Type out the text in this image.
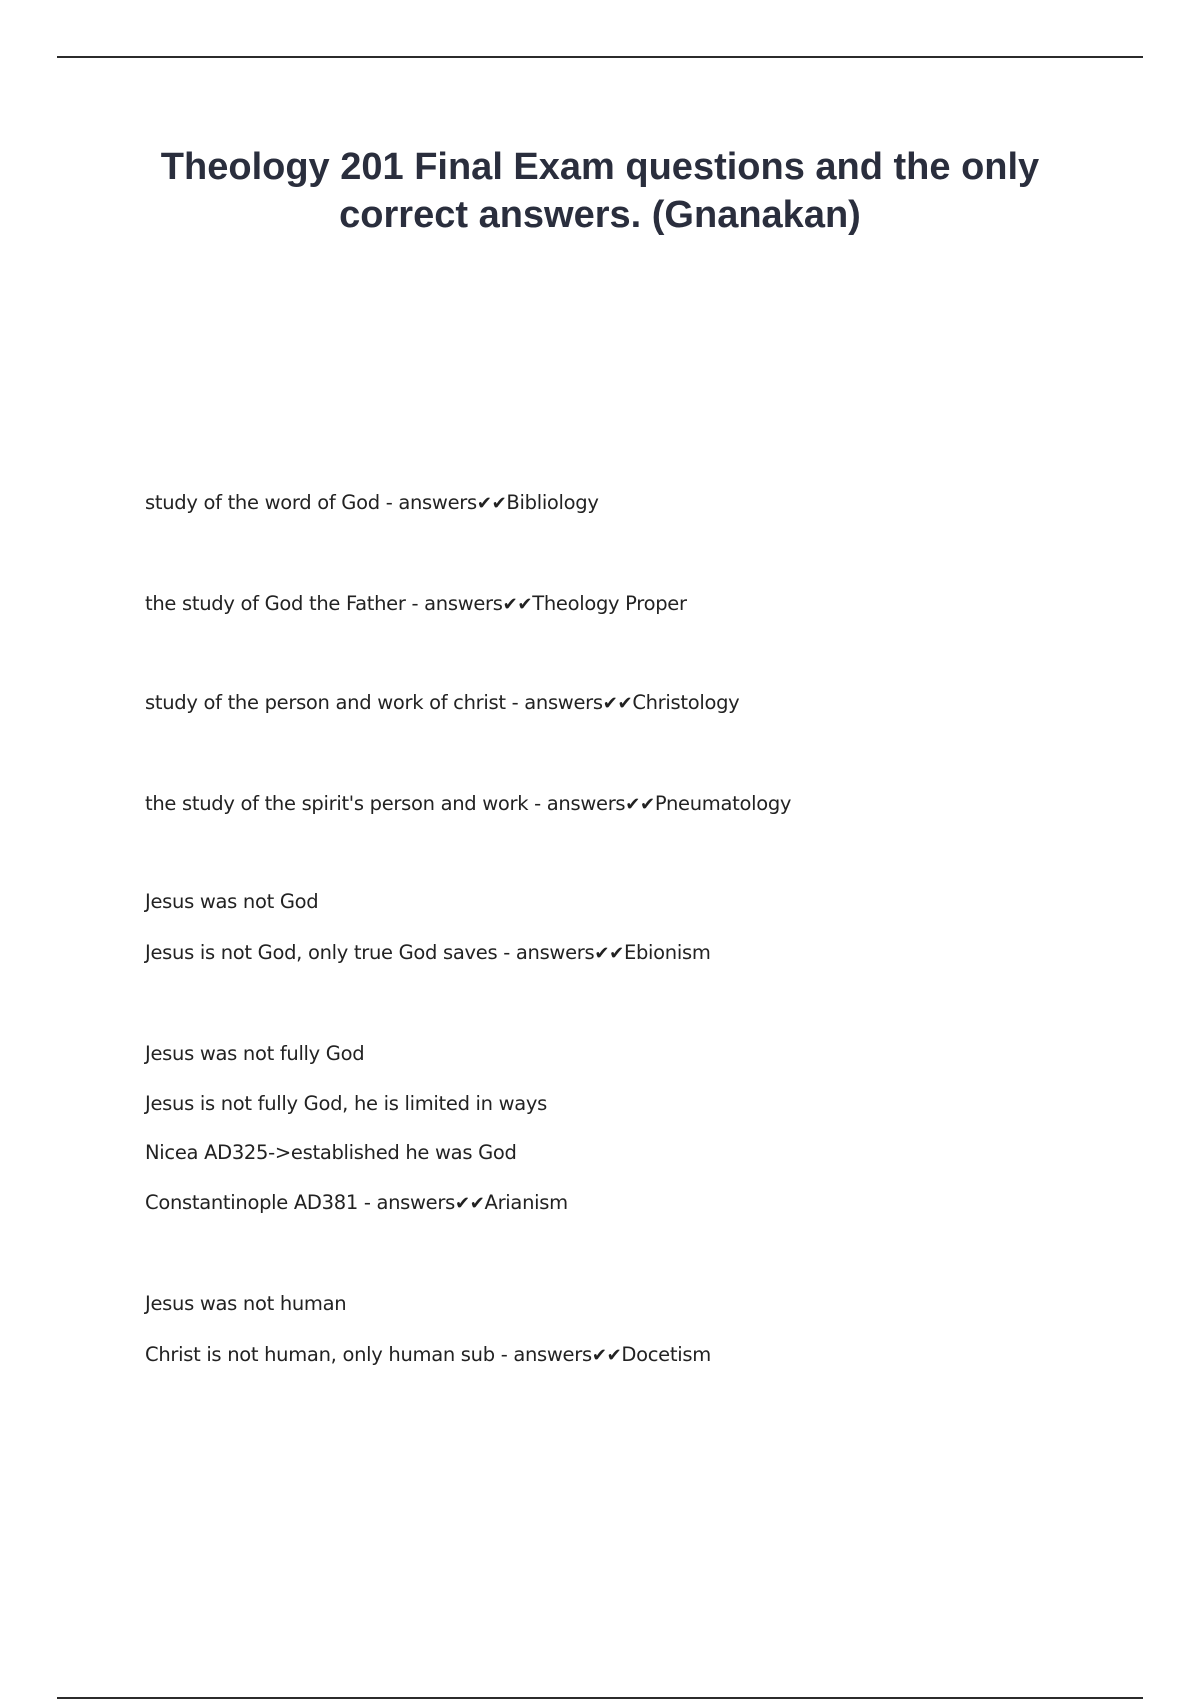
Theology 201 Final Exam questions and the only correct answers. (Gnanakan)

study of the word of God - answers✔✔Bibliology

the study of God the Father - answers✔✔Theology Proper

study of the person and work of christ - answers✔✔Christology

the study of the spirit's person and work - answers✔✔Pneumatology

Jesus was not God

Jesus is not God, only true God saves - answers✔✔Ebionism

Jesus was not fully God

Jesus is not fully God, he is limited in ways

Nicea AD325->established he was God

Constantinople AD381 - answers✔✔Arianism

Jesus was not human

Christ is not human, only human sub - answers✔✔Docetism
